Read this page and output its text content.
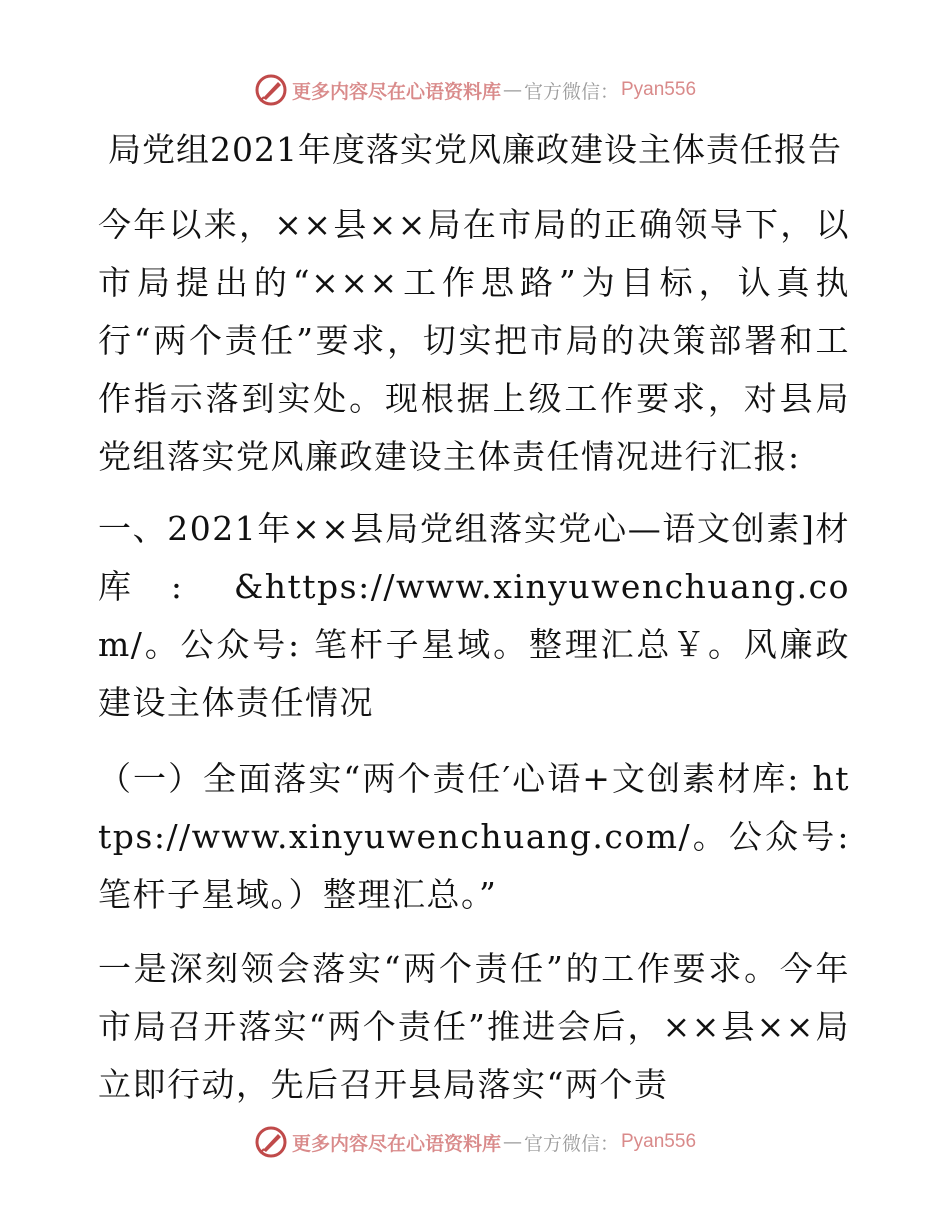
更多内容尽在心语资料库 — 官方微信： Pyan556
局党组2021年度落实党风廉政建设主体责任报告

今年以来，××县××局在市局的正确领导下，以市局提出的“×××工作思路”为目标，认真执行“两个责任”要求，切实把市局的决策部署和工作指示落到实处。现根据上级工作要求，对县局党组落实党风廉政建设主体责任情况进行汇报:

一、2021年××县局党组落实党心—语文创素]材库: &https://www.xinyuwenchuang.com/。公众号: 笔杆子星域。整理汇总￥。风廉政建设主体责任情况

（一）全面落实“两个责任′心语+文创素材库: https://www.xinyuwenchuang.com/。公众号: 笔杆子星域。）整理汇总。”

一是深刻领会落实“两个责任”的工作要求。今年市局召开落实“两个责任”推进会后，××县××局立即行动，先后召开县局落实“两个责

更多内容尽在心语资料库 — 官方微信： Pyan556
